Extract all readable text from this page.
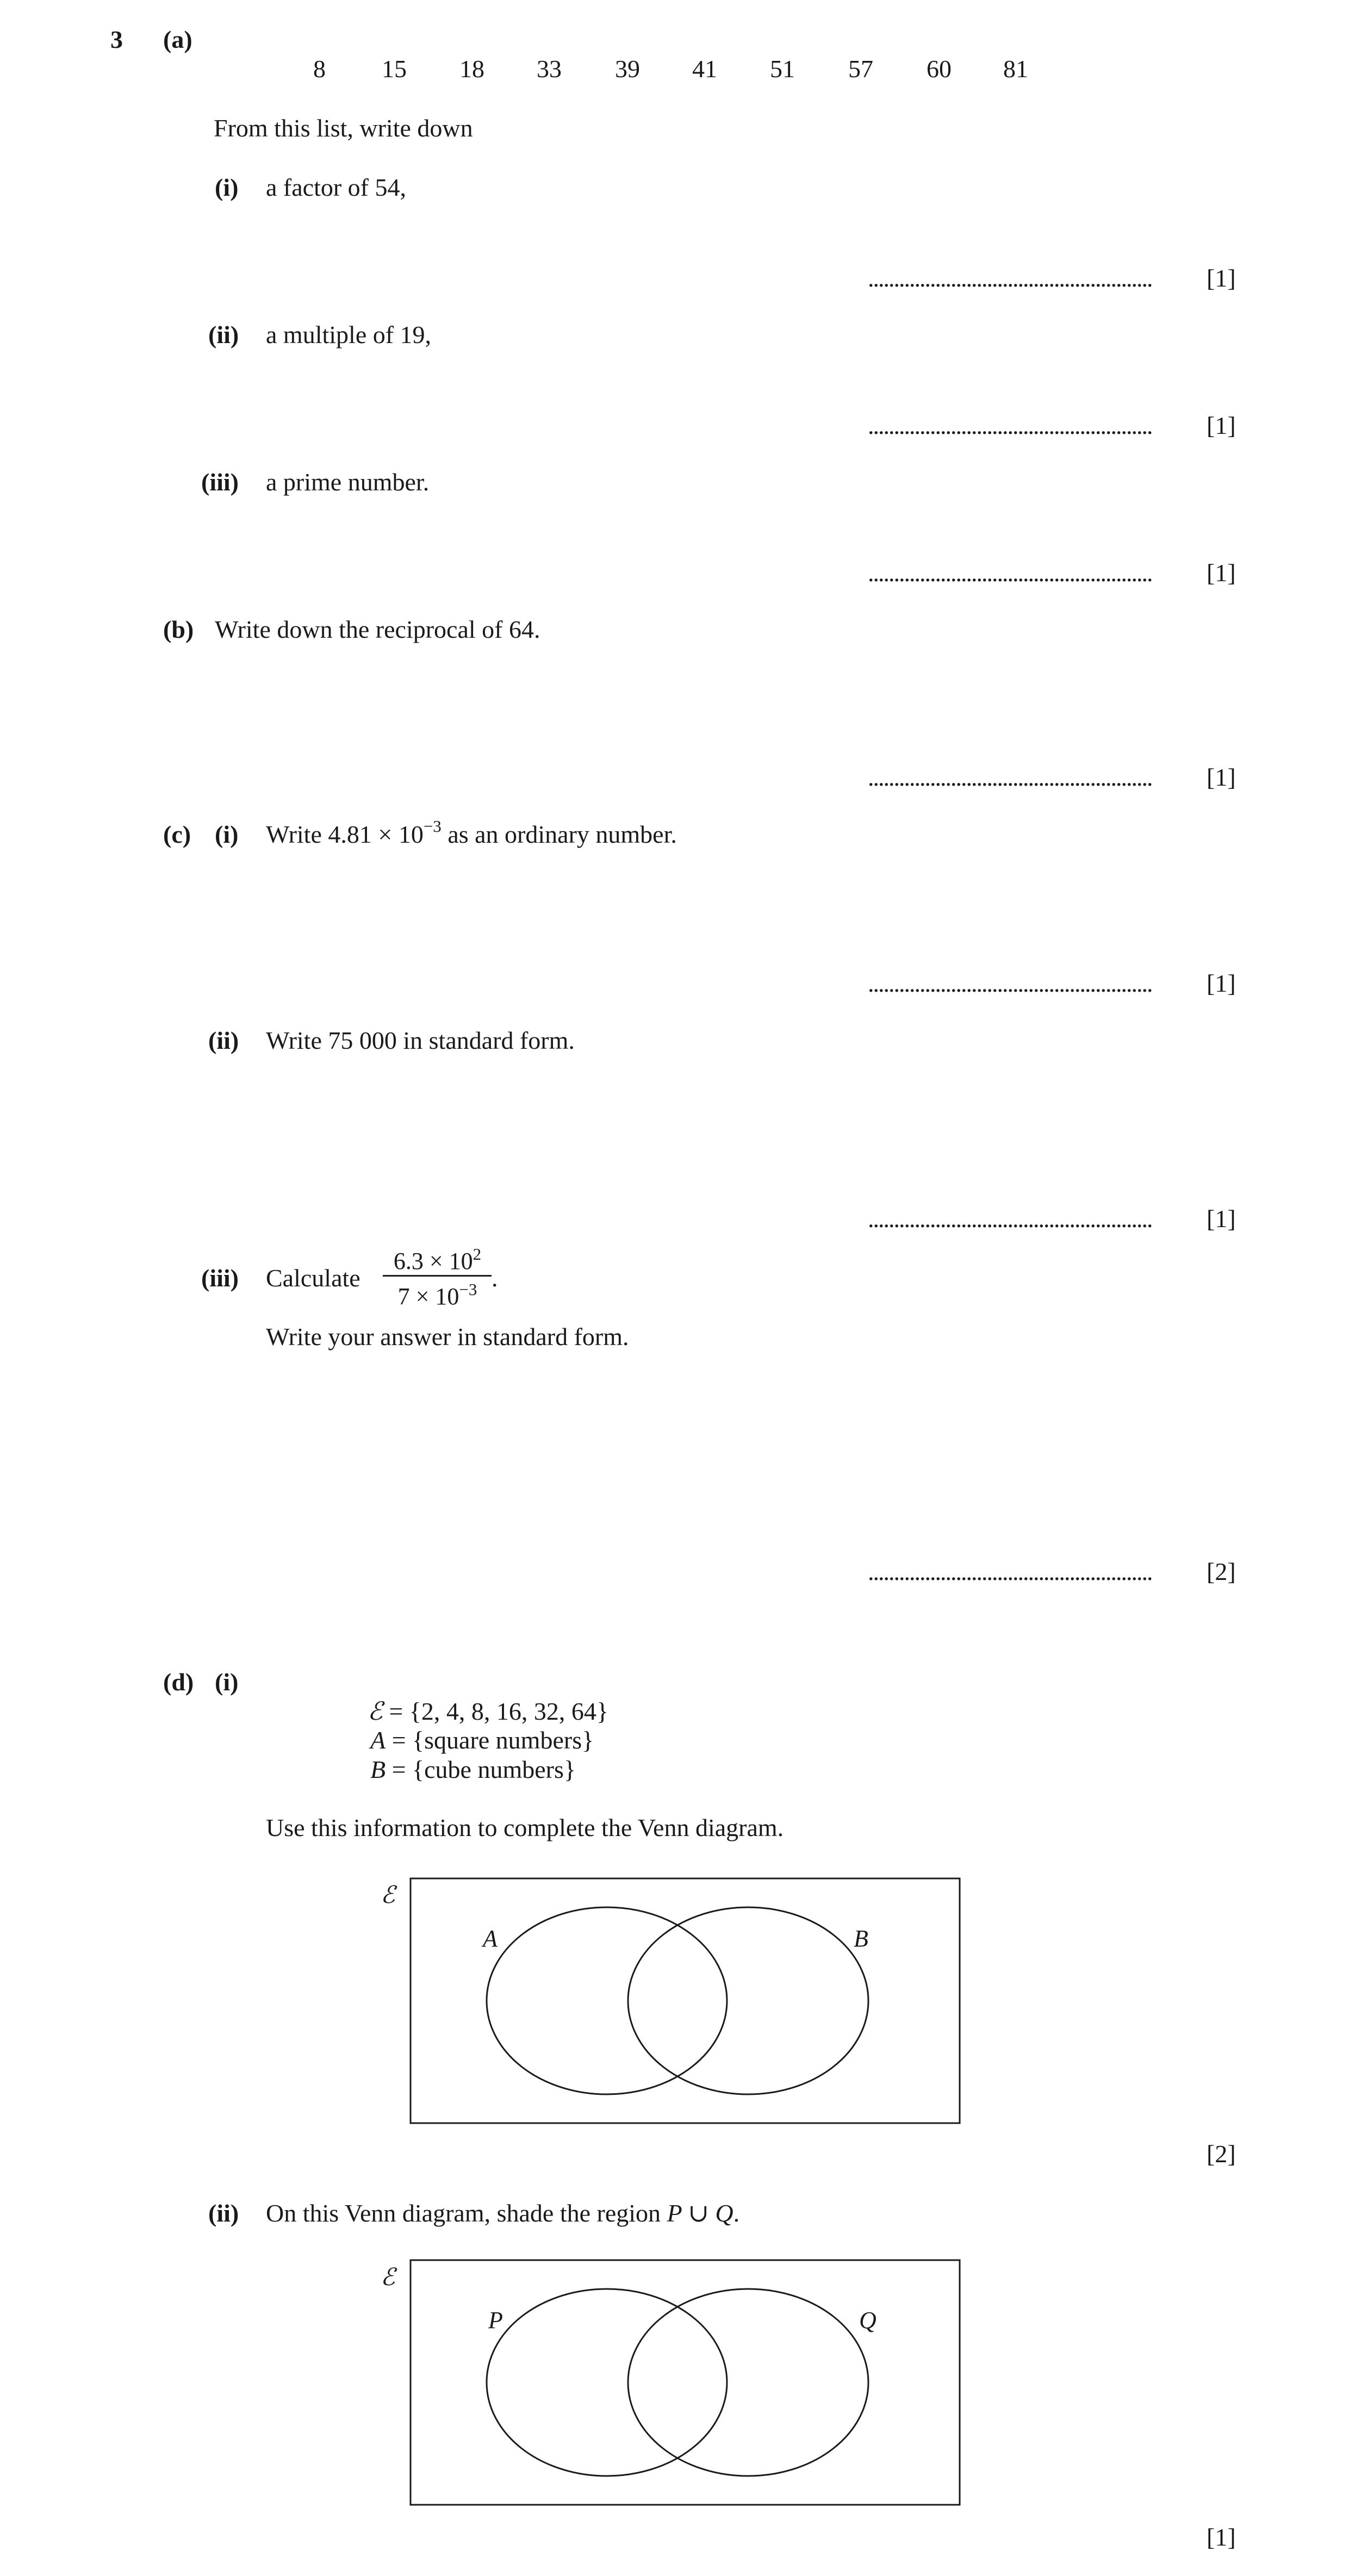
3 (a)
8 15 18 33 39 41 51 57 60 81
From this list, write down
(i) a factor of 54,
.......................................................	[1]
(ii) a multiple of 19,
.......................................................	[1]
(iii) a prime number.
.......................................................	[1]
(b) Write down the reciprocal of 64.
.......................................................	[1]
(c) (i) Write $4.81 \times 10^{-3}$ as an ordinary number.
.......................................................	[1]
(ii) Write 75 000 in standard form.
.......................................................	[1]
(iii) Calculate
$6.3 \times 10^2$
$7 \times 10^{-3}$ .
Write your answer in standard form.
.......................................................	[2]
(d) (i)
ℰ = {2, 4, 8, 16, 32, 64}
A = {square numbers}
B = {cube numbers}
Use this information to complete the Venn diagram.
ℰ
A	B
ℰ
P	Q
[2]
(ii) On this Venn diagram, shade the region P ∪ Q.
[1]
